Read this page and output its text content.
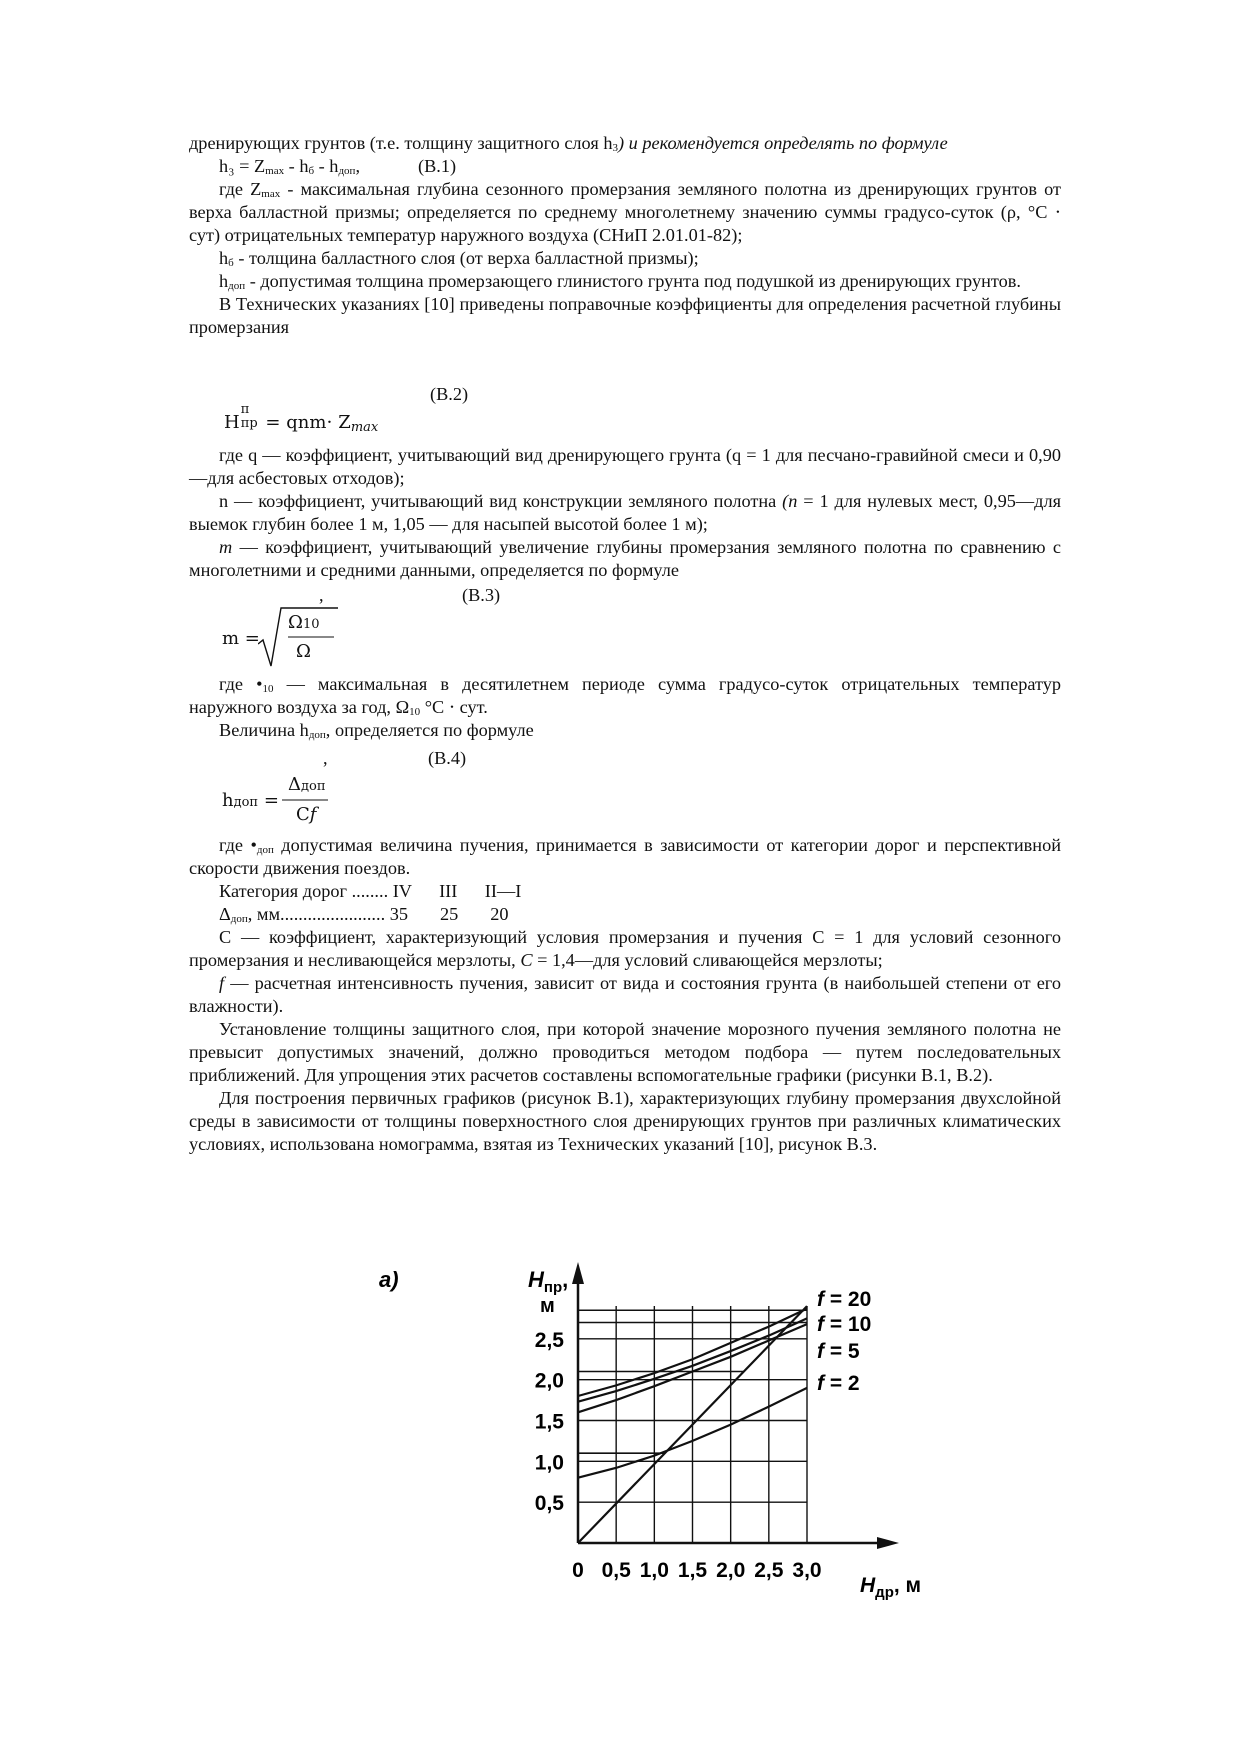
дренирующих грунтов (т.е. толщину защитного слоя $h_3$) и рекомендуется определять по формуле

$h_3 = Z_{max} - h_б - h_{доп}$,	(В.1)

где $Z_{max}$ - максимальная глубина сезонного промерзания земляного полотна из дренирующих грунтов от верха балластной призмы; определяется по среднему многолетнему значению суммы градусо-суток (ρ, °С ⋅ сут) отрицательных температур наружного воздуха (СНиП 2.01.01-82);

$h_б$ - толщина балластного слоя (от верха балластной призмы);

$h_{доп}$ - допустимая толщина промерзающего глинистого грунта под подушкой из дренирующих грунтов.

В Технических указаниях [10] приведены поправочные коэффициенты для определения расчетной глубины промерзания

(В.2)
H
п
пр = qnm⋅ Zmax

где q — коэффициент, учитывающий вид дренирующего грунта (q = 1 для песчано-гравийной смеси и 0,90 —для асбестовых отходов);

n — коэффициент, учитывающий вид конструкции земляного полотна (n = 1 для нулевых мест, 0,95—для выемок глубин более 1 м, 1,05 — для насыпей высотой более 1 м);

m — коэффициент, учитывающий увеличение глубины промерзания земляного полотна по сравнению с многолетними и средними данными, определяется по формуле

,	(В.3)
m =
Ω10
Ω

где $•_{10}$ — максимальная в десятилетнем периоде сумма градусо-суток отрицательных температур наружного воздуха за год, $\Omega_{10}$ °С ⋅ сут.

Величина $h_{доп}$, определяется по формуле

,	(В.4)
hдоп =
Δдоп
Сf

где $•_{доп}$ допустимая величина пучения, принимается в зависимости от категории дорог и перспективной скорости движения поездов.

Категория дорог ........ IV      III      II—I

$\Delta_{доп}$, мм....................... 35       25       20

С — коэффициент, характеризующий условия промерзания и пучения С = 1 для условий сезонного промерзания и несливающейся мерзлоты, С = 1,4—для условий сливающейся мерзлоты;

f — расчетная интенсивность пучения, зависит от вида и состояния грунта (в наибольшей степени от его влажности).

Установление толщины защитного слоя, при которой значение морозного пучения земляного полотна не превысит допустимых значений, должно проводиться методом подбора — путем последовательных приближений. Для упрощения этих расчетов составлены вспомогательные графики (рисунки В.1, В.2).

Для построения первичных графиков (рисунок В.1), характеризующих глубину промерзания двухслойной среды в зависимости от толщины поверхностного слоя дренирующих грунтов при различных климатических условиях, использована номограмма, взятая из Технических указаний [10], рисунок В.3.

а)	$H_{пр}$,
м
$H_{др}$, м
0 0,5 1,0 1,5 2,0 2,5 3,0
0,5
1,0
1,5
2,0
2,5
f = 20
f = 10
f = 5
f = 2
